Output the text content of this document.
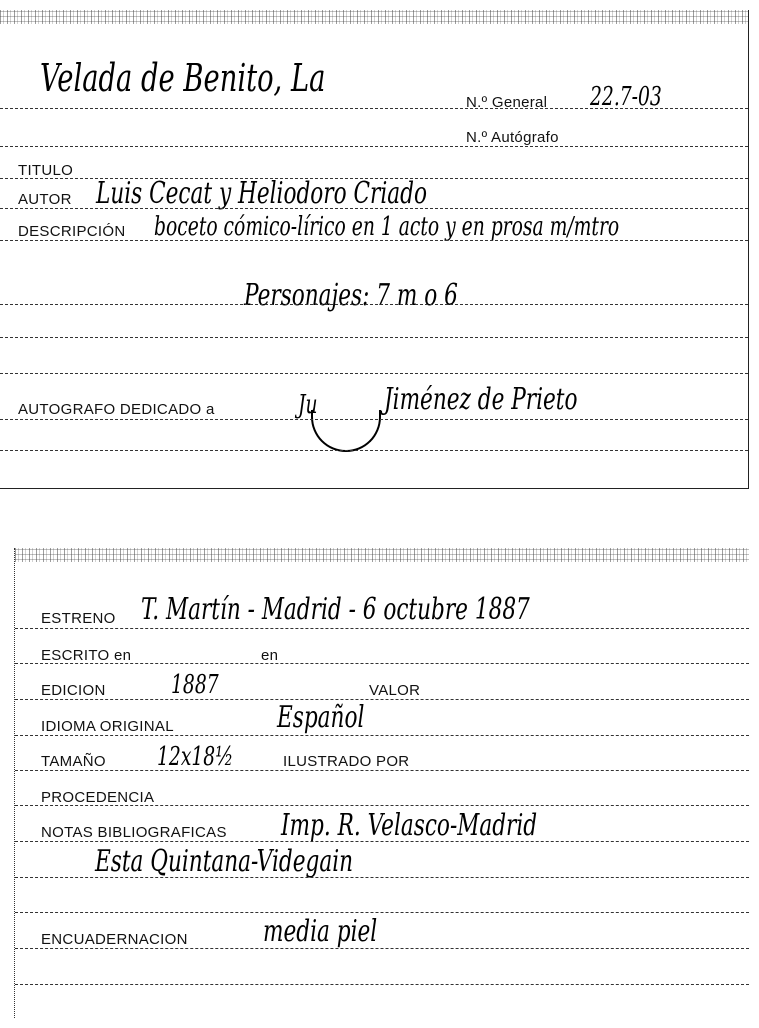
Velada de Benito, La
N.º General 22.7-03
N.º Autógrafo
TITULO
AUTOR Luis Cecat y Heliodoro Criado
DESCRIPCIÓN boceto cómico-lírico en 1 acto y en prosa m/mtro
Personajes: 7 m o 6
AUTOGRAFO DEDICADO a	Ju Jiménez de Prieto
ESTRENO T. Martín - Madrid - 6 octubre 1887
ESCRITO en	en
EDICION	1887	VALOR
IDIOMA ORIGINAL	Español
TAMAÑO 12x18½	ILUSTRADO POR
PROCEDENCIA
NOTAS BIBLIOGRAFICAS Imp. R. Velasco-Madrid
Esta Quintana-Videgain
ENCUADERNACION	media piel
